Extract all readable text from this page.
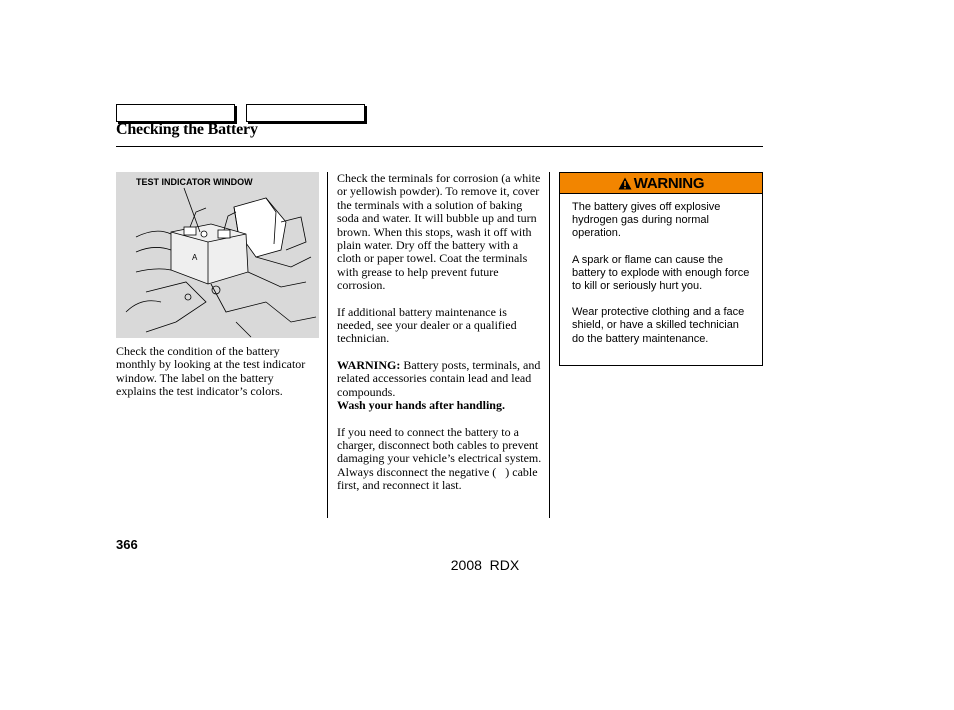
Checking the Battery
A
TEST INDICATOR WINDOW

Check the condition of the battery monthly by looking at the test indicator window. The label on the battery explains the test indicator’s colors.

Check the terminals for corrosion (a white or yellowish powder). To remove it, cover the terminals with a solution of baking soda and water. It will bubble up and turn brown. When this stops, wash it off with plain water. Dry off the battery with a cloth or paper towel. Coat the terminals with grease to help prevent future corrosion.

If additional battery maintenance is needed, see your dealer or a qualified technician.

WARNING: Battery posts, terminals, and related accessories contain lead and lead compounds.
Wash your hands after handling.

If you need to connect the battery to a charger, disconnect both cables to prevent damaging your vehicle’s electrical system. Always disconnect the negative (   ) cable first, and reconnect it last.

WARNING

The battery gives off explosive hydrogen gas during normal operation.

A spark or flame can cause the battery to explode with enough force to kill or seriously hurt you.

Wear protective clothing and a face shield, or have a skilled technician do the battery maintenance.

366
2008  RDX
